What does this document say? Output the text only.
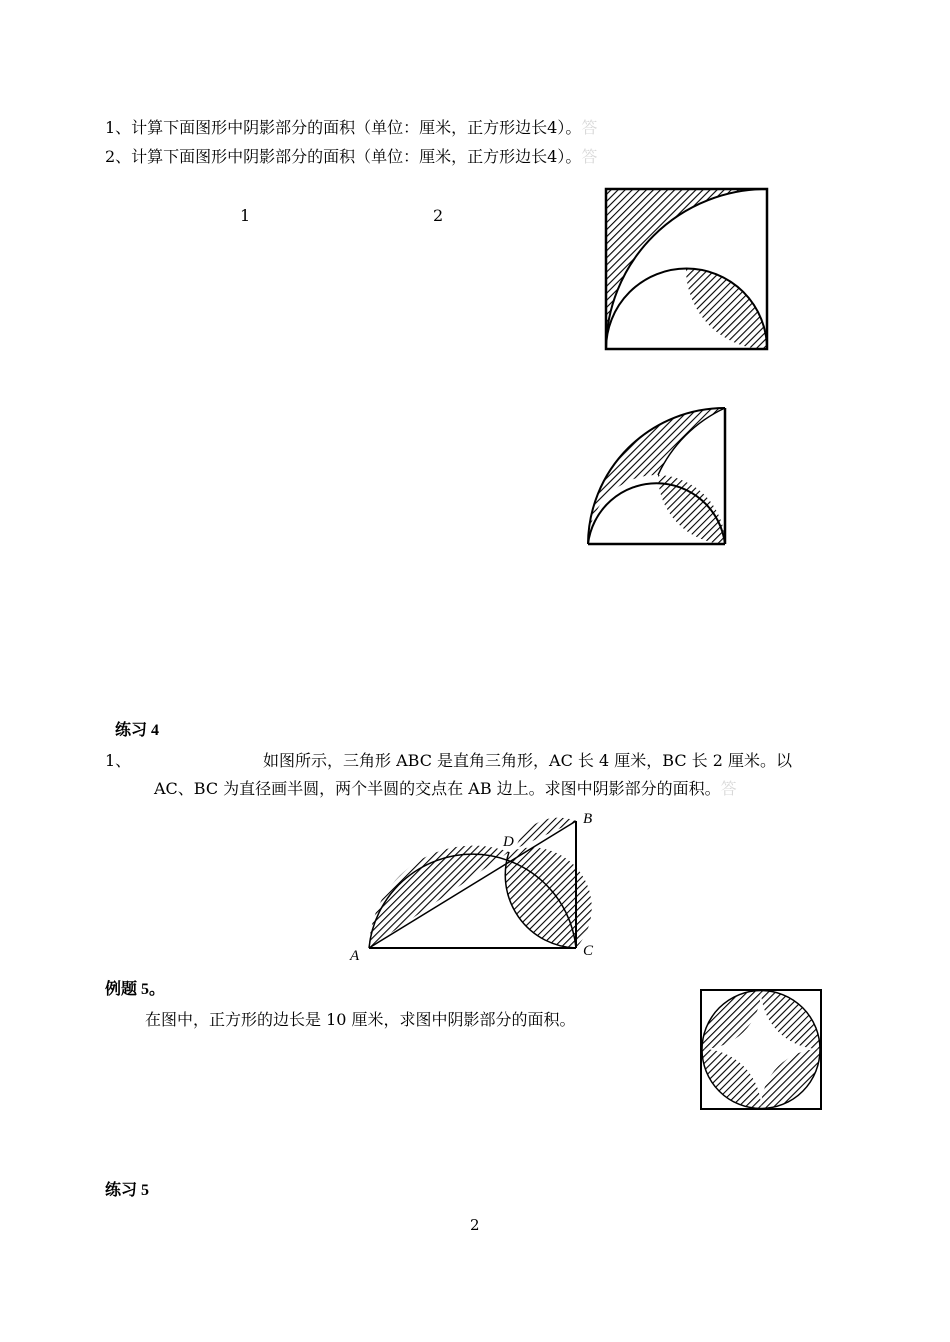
1、计算下面图形中阴影部分的面积（单位：厘米，正方形边长4）。答
2、计算下面图形中阴影部分的面积（单位：厘米，正方形边长4）。答
1	2
练习 4
1、	如图所示，三角形 ABC 是直角三角形，AC 长 4 厘米，BC 长 2 厘米。以
AC、BC 为直径画半圆，两个半圆的交点在 AB 边上。求图中阴影部分的面积。答
A
B
C
D
例题 5。
在图中，正方形的边长是 10 厘米，求图中阴影部分的面积。
练习 5
2
